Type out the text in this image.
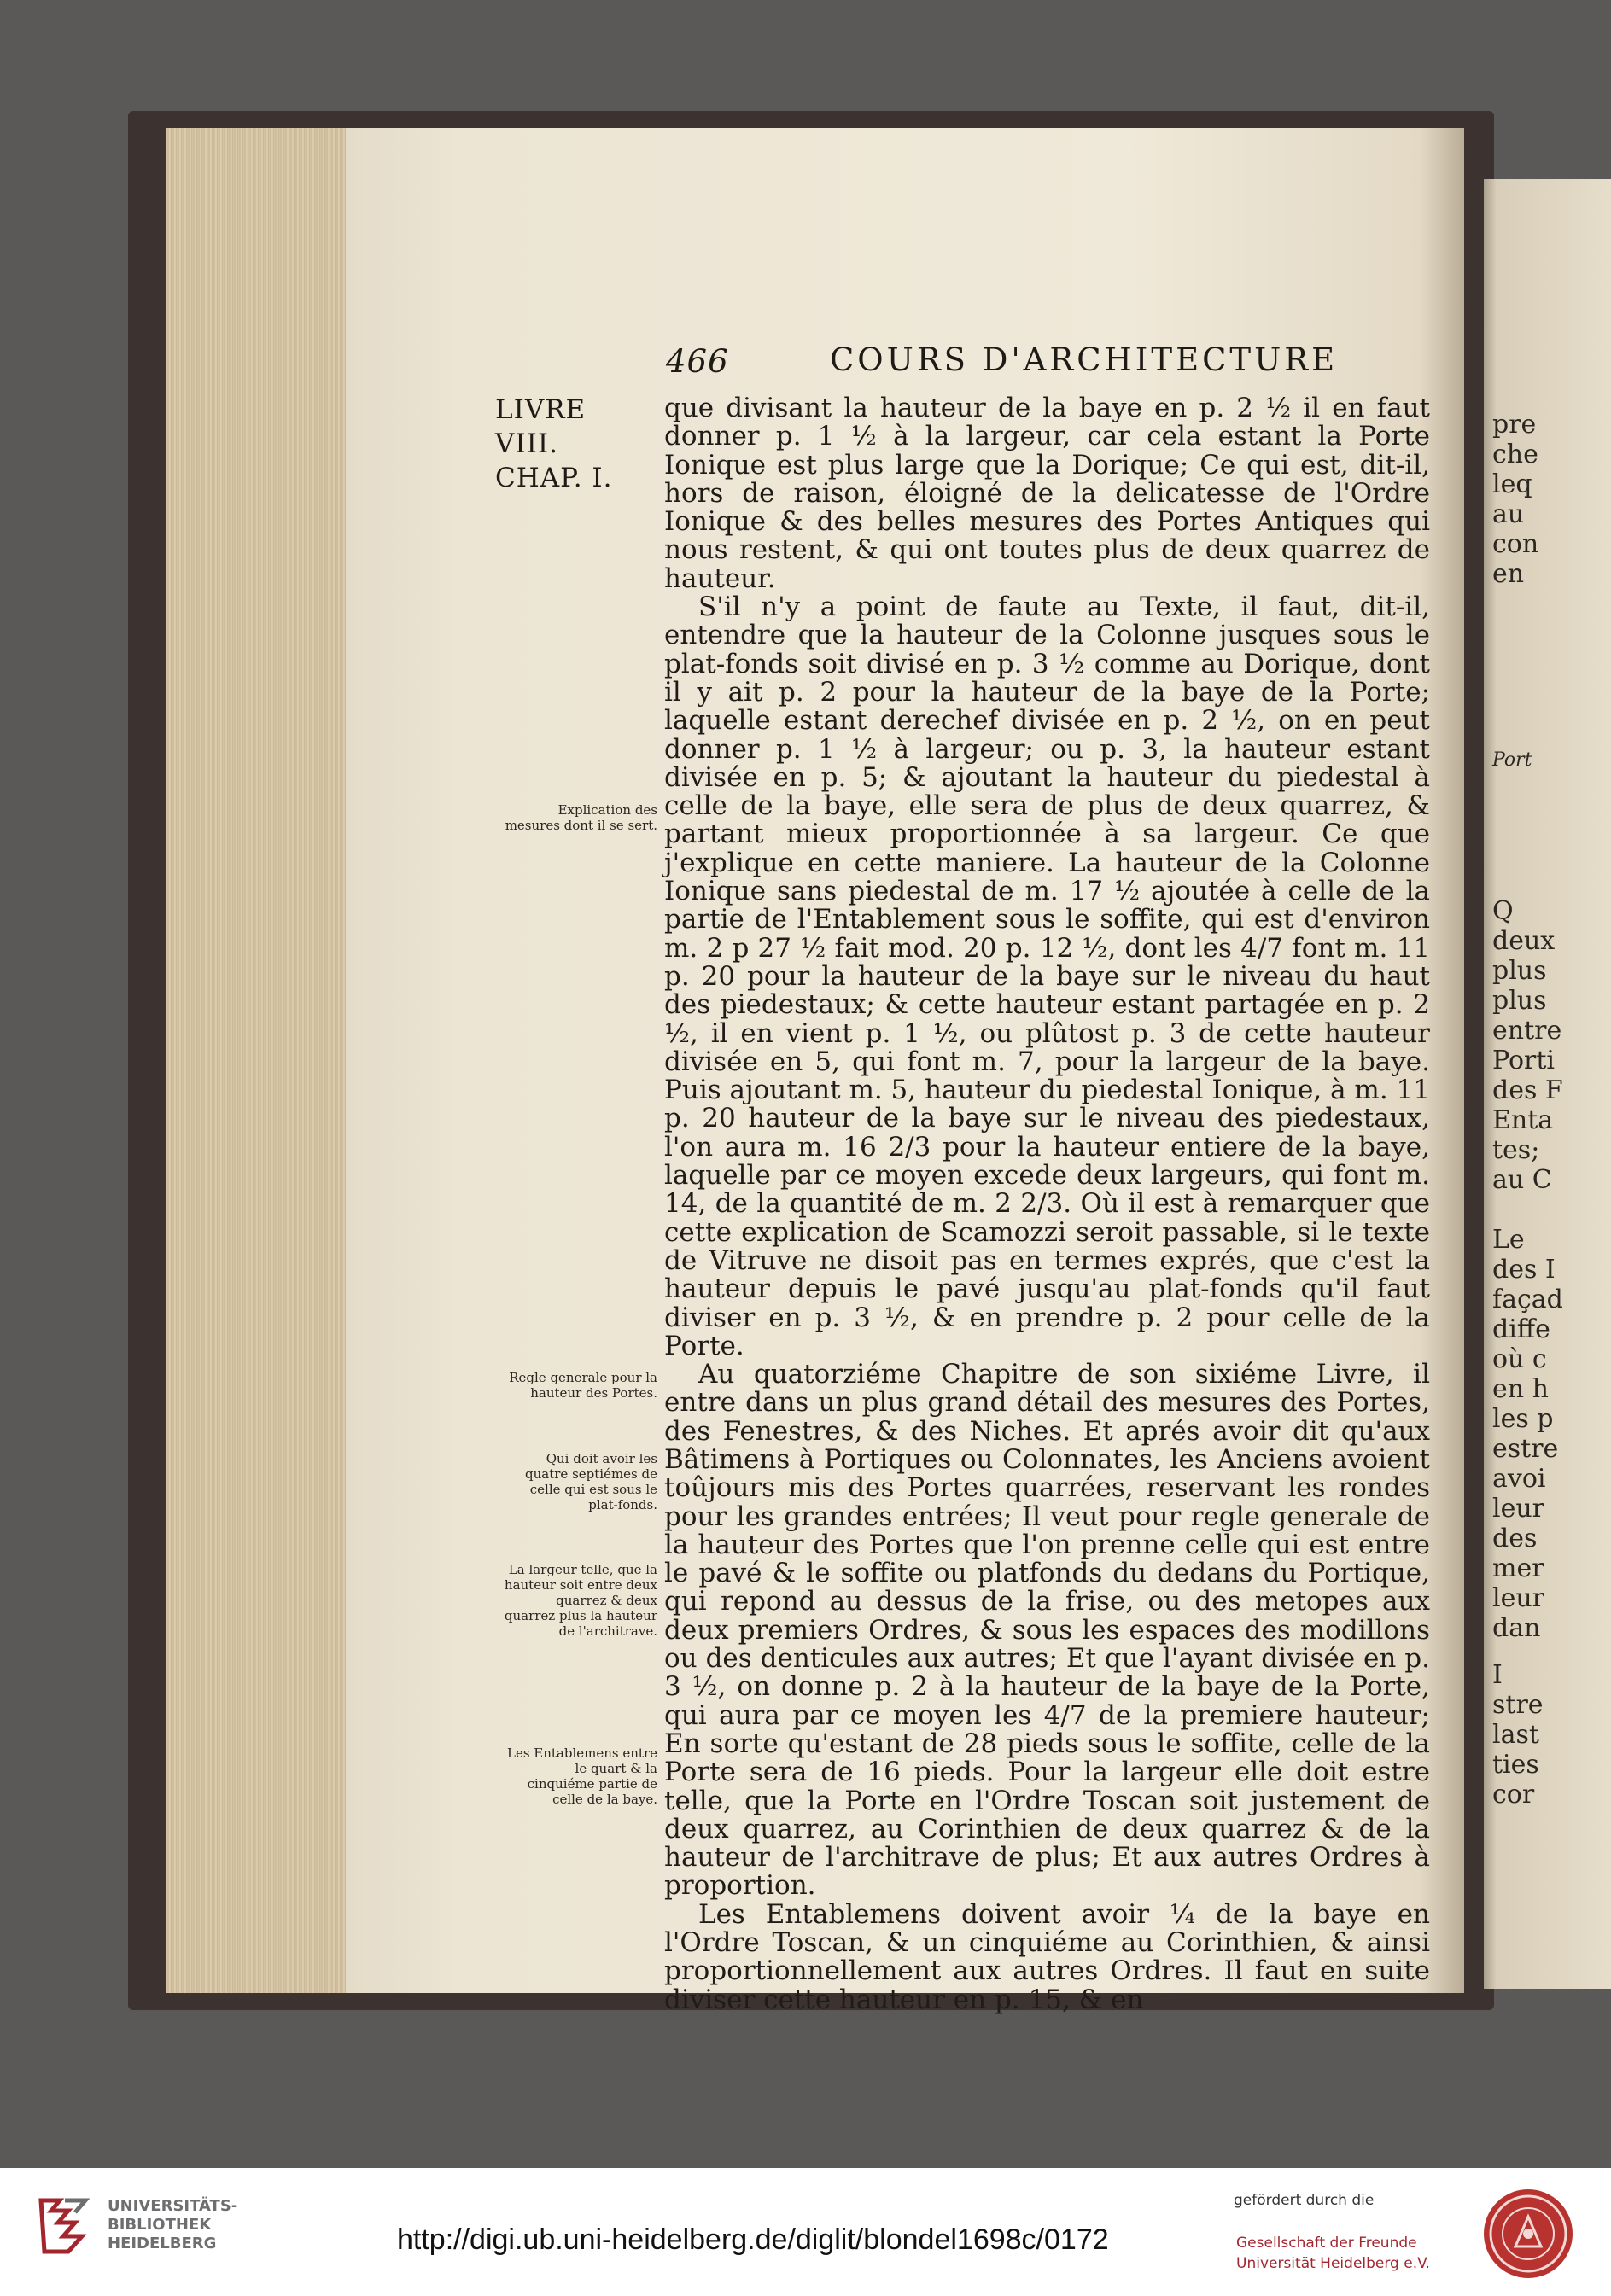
pre
che
leq
au
con
en
Port
Q
deux
plus
plus
entre
Porti
des F
Enta
tes;
au C
Le
des I
façad
diffe
où c
en h
les p
estre
avoi
leur
des
mer
leur
dan
I
stre
last
ties
cor
466	COURS D'ARCHITECTURE
LIVRE VIII.
CHAP. I.
Explication des mesures dont il se sert.
Regle generale pour la hauteur des Portes.
Qui doit avoir les quatre septiémes de celle qui est sous le plat-fonds.
La largeur telle, que la hauteur soit entre deux quarrez & deux quarrez plus la hauteur de l'architrave.
Les Entablemens entre le quart & la cinquiéme partie de celle de la baye.

que divisant la hauteur de la baye en p. 2 ½ il en faut donner p. 1 ½ à la largeur, car cela estant la Porte Ionique est plus large que la Dorique; Ce qui est, dit-il, hors de raison, éloigné de la delicatesse de l'Ordre Ionique & des belles mesures des Portes Antiques qui nous restent, & qui ont toutes plus de deux quarrez de hauteur.

S'il n'y a point de faute au Texte, il faut, dit-il, entendre que la hauteur de la Colonne jusques sous le plat-fonds soit divisé en p. 3 ½ comme au Dorique, dont il y ait p. 2 pour la hauteur de la baye de la Porte; laquelle estant derechef divisée en p. 2 ½, on en peut donner p. 1 ½ à largeur; ou p. 3, la hauteur estant divisée en p. 5; & ajoutant la hauteur du piedestal à celle de la baye, elle sera de plus de deux quarrez, & partant mieux proportionnée à sa largeur. Ce que j'explique en cette maniere. La hauteur de la Colonne Ionique sans piedestal de m. 17 ½ ajoutée à celle de la partie de l'Entablement sous le soffite, qui est d'environ m. 2 p 27 ½ fait mod. 20 p. 12 ½, dont les 4/7 font m. 11 p. 20 pour la hauteur de la baye sur le niveau du haut des piedestaux; & cette hauteur estant partagée en p. 2 ½, il en vient p. 1 ½, ou plûtost p. 3 de cette hauteur divisée en 5, qui font m. 7, pour la largeur de la baye. Puis ajoutant m. 5, hauteur du piedestal Ionique, à m. 11 p. 20 hauteur de la baye sur le niveau des piedestaux, l'on aura m. 16 2/3 pour la hauteur entiere de la baye, laquelle par ce moyen excede deux largeurs, qui font m. 14, de la quantité de m. 2 2/3. Où il est à remarquer que cette explication de Scamozzi seroit passable, si le texte de Vitruve ne disoit pas en termes exprés, que c'est la hauteur depuis le pavé jusqu'au plat-fonds qu'il faut diviser en p. 3 ½, & en prendre p. 2 pour celle de la Porte.

Au quatorziéme Chapitre de son sixiéme Livre, il entre dans un plus grand détail des mesures des Portes, des Fenestres, & des Niches. Et aprés avoir dit qu'aux Bâtimens à Portiques ou Colonnates, les Anciens avoient toûjours mis des Portes quarrées, reservant les rondes pour les grandes entrées; Il veut pour regle generale de la hauteur des Portes que l'on prenne celle qui est entre le pavé & le soffite ou platfonds du dedans du Portique, qui repond au dessus de la frise, ou des metopes aux deux premiers Ordres, & sous les espaces des modillons ou des denticules aux autres; Et que l'ayant divisée en p. 3 ½, on donne p. 2 à la hauteur de la baye de la Porte, qui aura par ce moyen les 4/7 de la premiere hauteur; En sorte qu'estant de 28 pieds sous le soffite, celle de la Porte sera de 16 pieds. Pour la largeur elle doit estre telle, que la Porte en l'Ordre Toscan soit justement de deux quarrez, au Corinthien de deux quarrez & de la hauteur de l'architrave de plus; Et aux autres Ordres à proportion.

Les Entablemens doivent avoir ¼ de la baye en l'Ordre Toscan, & un cinquiéme au Corinthien, & ainsi proportionnellement aux autres Ordres. Il faut en suite diviser cette hauteur en p. 15, & en

UNIVERSITÄTS-
BIBLIOTHEK
HEIDELBERG	http://digi.ub.uni-heidelberg.de/diglit/blondel1698c/0172
gefördert durch die
Gesellschaft der Freunde
Universität Heidelberg e.V.
